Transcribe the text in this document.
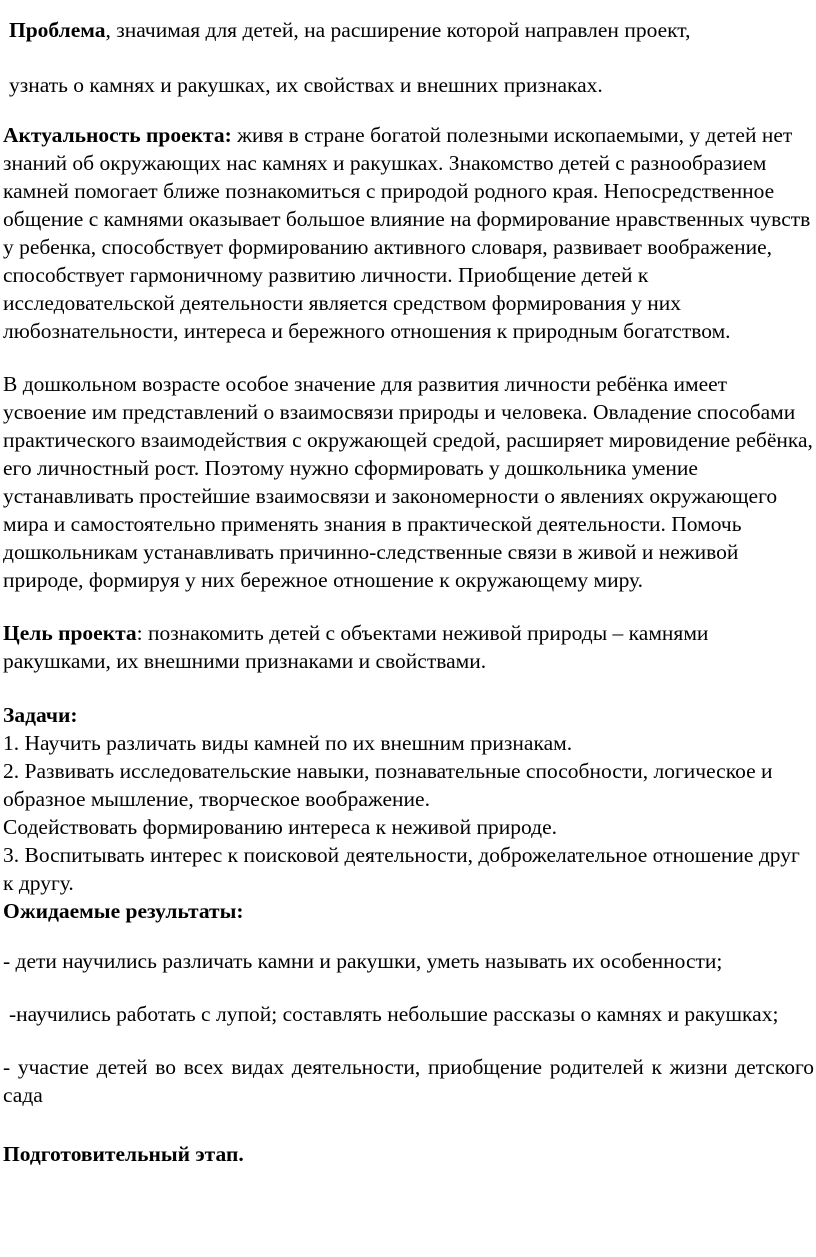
Проблема, значимая для детей, на расширение которой направлен проект,

узнать о камнях и ракушках, их свойствах и внешних признаках.

Актуальность проекта: живя в стране богатой полезными ископаемыми, у детей нет знаний об окружающих нас камнях и ракушках. Знакомство детей с разнообразием камней помогает ближе познакомиться с природой родного края. Непосредственное общение с камнями оказывает большое влияние на формирование нравственных чувств у ребенка, способствует формированию активного словаря, развивает воображение, способствует гармоничному развитию личности. Приобщение детей к исследовательской деятельности является средством формирования у них любознательности, интереса и бережного отношения к природным богатством.

В дошкольном возрасте особое значение для развития личности ребёнка имеет усвоение им представлений о взаимосвязи природы и человека. Овладение способами практического взаимодействия с окружающей средой, расширяет мировидение ребёнка, его личностный рост. Поэтому нужно сформировать у дошкольника умение устанавливать простейшие взаимосвязи и закономерности о явлениях окружающего мира и самостоятельно применять знания в практической деятельности. Помочь дошкольникам устанавливать причинно-следственные связи в живой и неживой природе, формируя у них бережное отношение к окружающему миру.

Цель проекта: познакомить детей с объектами неживой природы – камнями ракушками, их внешними признаками и свойствами.

Задачи:

1. Научить различать виды камней по их внешним признакам.

2. Развивать исследовательские навыки, познавательные способности, логическое и образное мышление, творческое воображение.

Содействовать формированию интереса к неживой природе.

3. Воспитывать интерес к поисковой деятельности, доброжелательное отношение друг к другу.

Ожидаемые результаты:

- дети научились различать камни и ракушки, уметь называть их особенности;

-научились работать с лупой; составлять небольшие рассказы о камнях и ракушках;

- участие детей во всех видах деятельности, приобщение родителей к жизни детского сада

Подготовительный этап.
